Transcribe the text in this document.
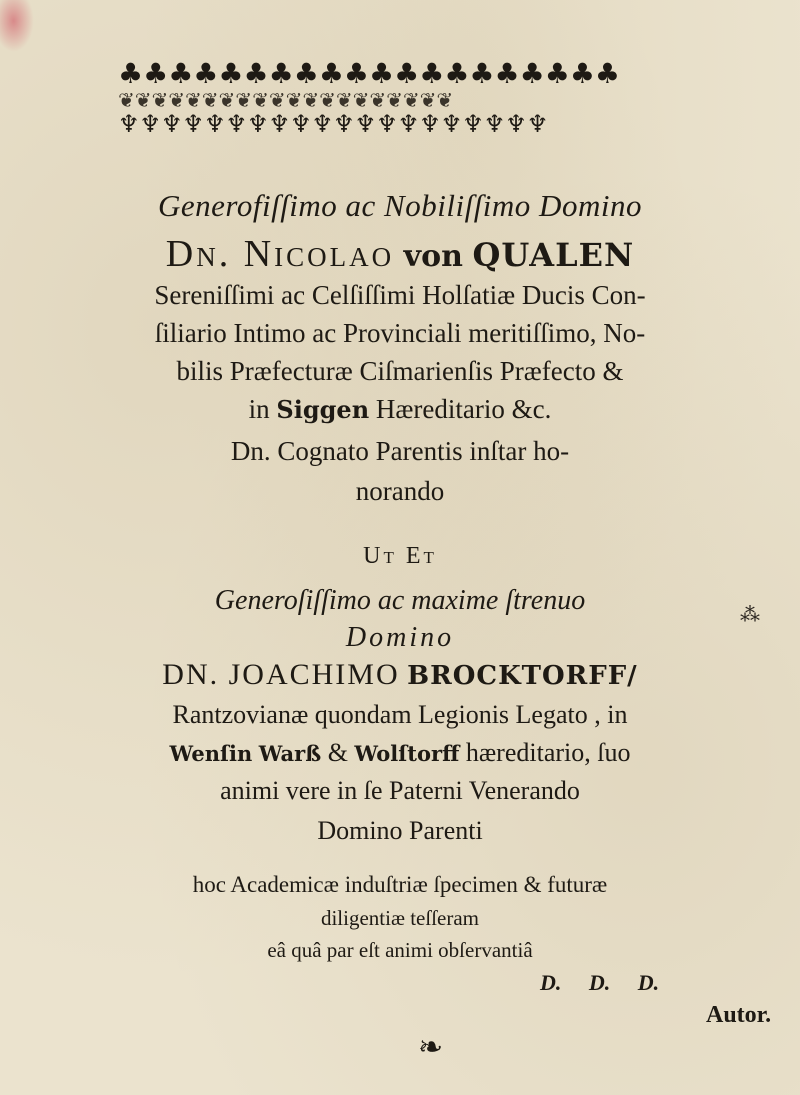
♣♣♣♣♣♣♣♣♣♣♣♣♣♣♣♣♣♣♣♣
❦❦❦❦❦❦❦❦❦❦❦❦❦❦❦❦❦❦❦❦
♆♆♆♆♆♆♆♆♆♆♆♆♆♆♆♆♆♆♆♆
Generofiſſimo ac Nobiliſſimo Domino
Dn. Nicolao von QUALEN
Sereniſſimi ac Celſiſſimi Holſatiæ Ducis Con-
ſiliario Intimo ac Provinciali meritiſſimo, No-
bilis Præfecturæ Ciſmarienſis Præfecto &
in Siggen Hæreditario &c.
Dn. Cognato Parentis inſtar ho-
norando
Ut Et
Generoſiſſimo ac maxime ſtrenuo	⁂
Domino
DN. JOACHIMO BROCKTORFF/
Rantzovianæ quondam Legionis Legato , in
Wenſin Warß & Wolſtorff hæreditario, ſuo
animi vere in ſe Paterni Venerando
Domino Parenti
hoc Academicæ induſtriæ ſpecimen & futuræ
diligentiæ teſſeram
eâ quâ par eſt animi obſervantiâ
D. D. D.
Autor.
❧
